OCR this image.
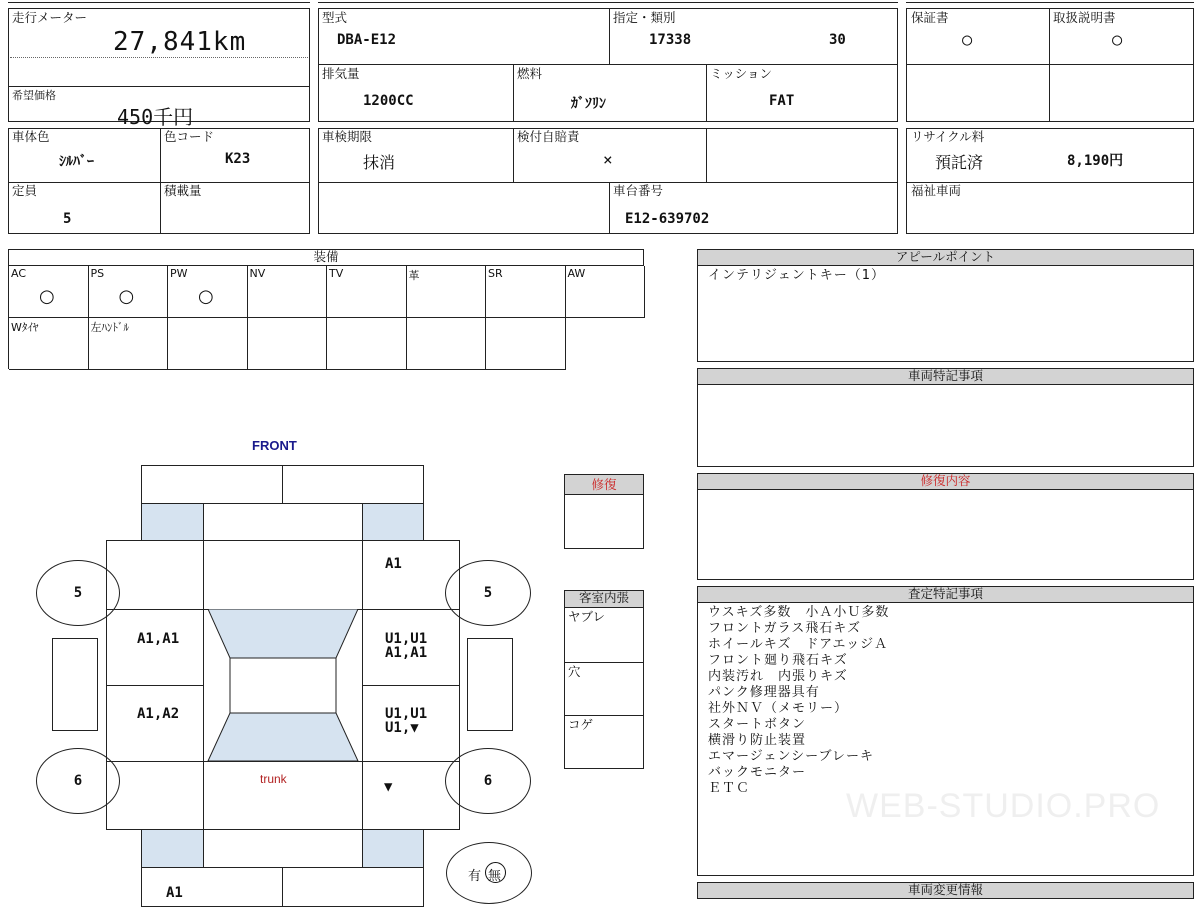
走行メーター
27,841km
希望価格
450千円
型式
DBA-E12
指定・類別
17338	30
排気量
1200CC
燃料
ｶﾞｿﾘﾝ
ミッション
FAT
保証書
○
取扱説明書
○
車体色
ｼﾙﾊﾞｰ
色コード
K23
定員
5
積載量
車検期限
抹消
検付自賠責
×
車台番号
E12-639702
リサイクル料
預託済	8,190円
福祉車両
装備
AC
○
PS
○
PW
○
NV	TV	革	SR	AW
Wﾀｲﾔ	左ﾊﾝﾄﾞﾙ
アピールポイント
インテリジェントキー（1）
車両特記事項
修復内容
査定特記事項
ウスキズ多数　小Ａ小Ｕ多数
フロントガラス飛石キズ
ホイールキズ　ドアエッジＡ
フロント廻り飛石キズ
内装汚れ　内張りキズ
パンク修理器具有
社外ＮＶ（メモリー）
スタートボタン
横滑り防止装置
エマージェンシーブレーキ
バックモニター
ＥＴＣ	WEB-STUDIO.PRO
車両変更情報
修復
客室内張
ヤブレ
穴
コゲ
FRONT
A1
A1,A1	U1,U1
A1,A1
A1,A2	U1,U1
U1,▼
trunk	▼
5	5
6	6
A1
有 無
